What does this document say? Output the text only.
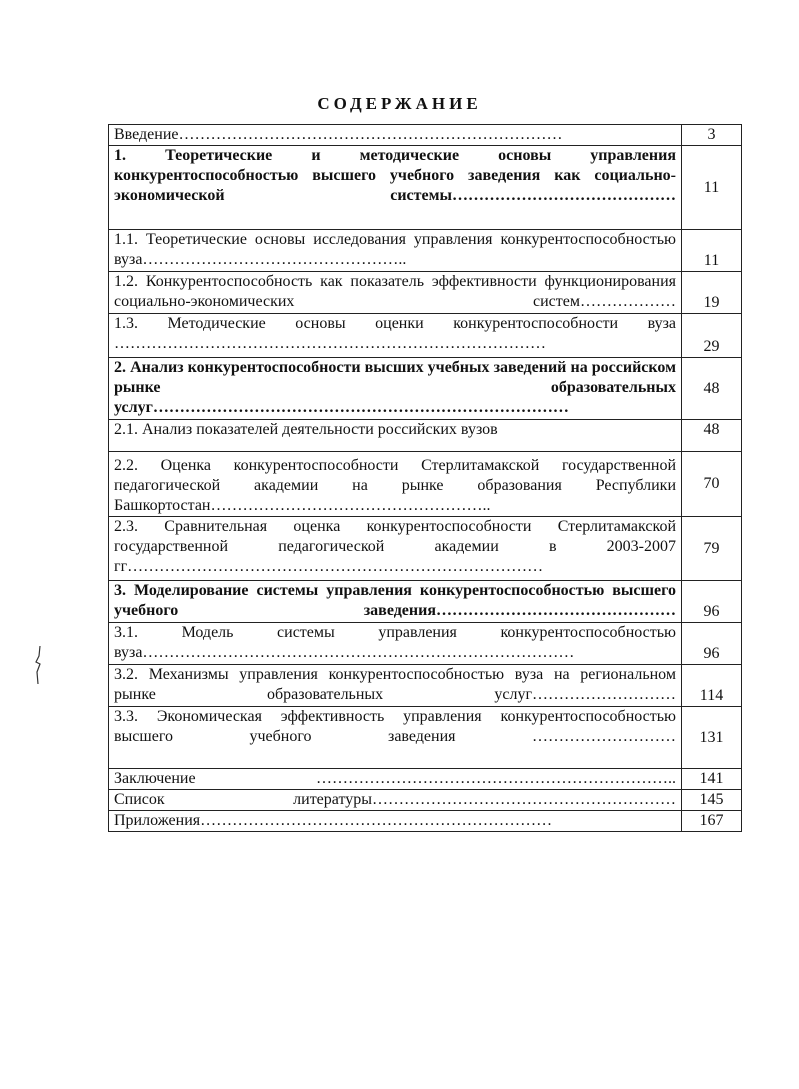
СОДЕРЖАНИЕ
Введение………………………………………………………………	3
1. Теоретические и методические основы управления конкурентоспособностью высшего учебного заведения как социально-экономической системы……………………………………	11
1.1. Теоретические основы исследования управления конкурентоспособностью вуза…………………………………………..	11
1.2. Конкурентоспособность как показатель эффективности функционирования социально-экономических систем………………	19
1.3. Методические основы оценки конкурентоспособности вуза ………………………………………………………………………	29
2. Анализ конкурентоспособности высших учебных заведений на российском рынке образовательных услуг……………………………………………………………………	48
2.1. Анализ показателей деятельности российских вузов	48
2.2. Оценка конкурентоспособности Стерлитамакской государственной педагогической академии на рынке образования Республики Башкортостан……………………………………………..	70
2.3. Сравнительная оценка конкурентоспособности Стерлитамакской государственной педагогической академии в 2003-2007 гг……………………………………………………………………	79
3. Моделирование системы управления конкурентоспособностью высшего учебного заведения………………………………………	96
3.1. Модель системы управления конкурентоспособностью вуза………………………………………………………………………	96
3.2. Механизмы управления конкурентоспособностью вуза на региональном рынке образовательных услуг………………………	114
3.3. Экономическая эффективность управления конкурентоспособностью высшего учебного заведения ………………………	131
Заключение …………………………………………………………..	141
Список литературы…………………………………………………	145
Приложения…………………………………………………………	167
